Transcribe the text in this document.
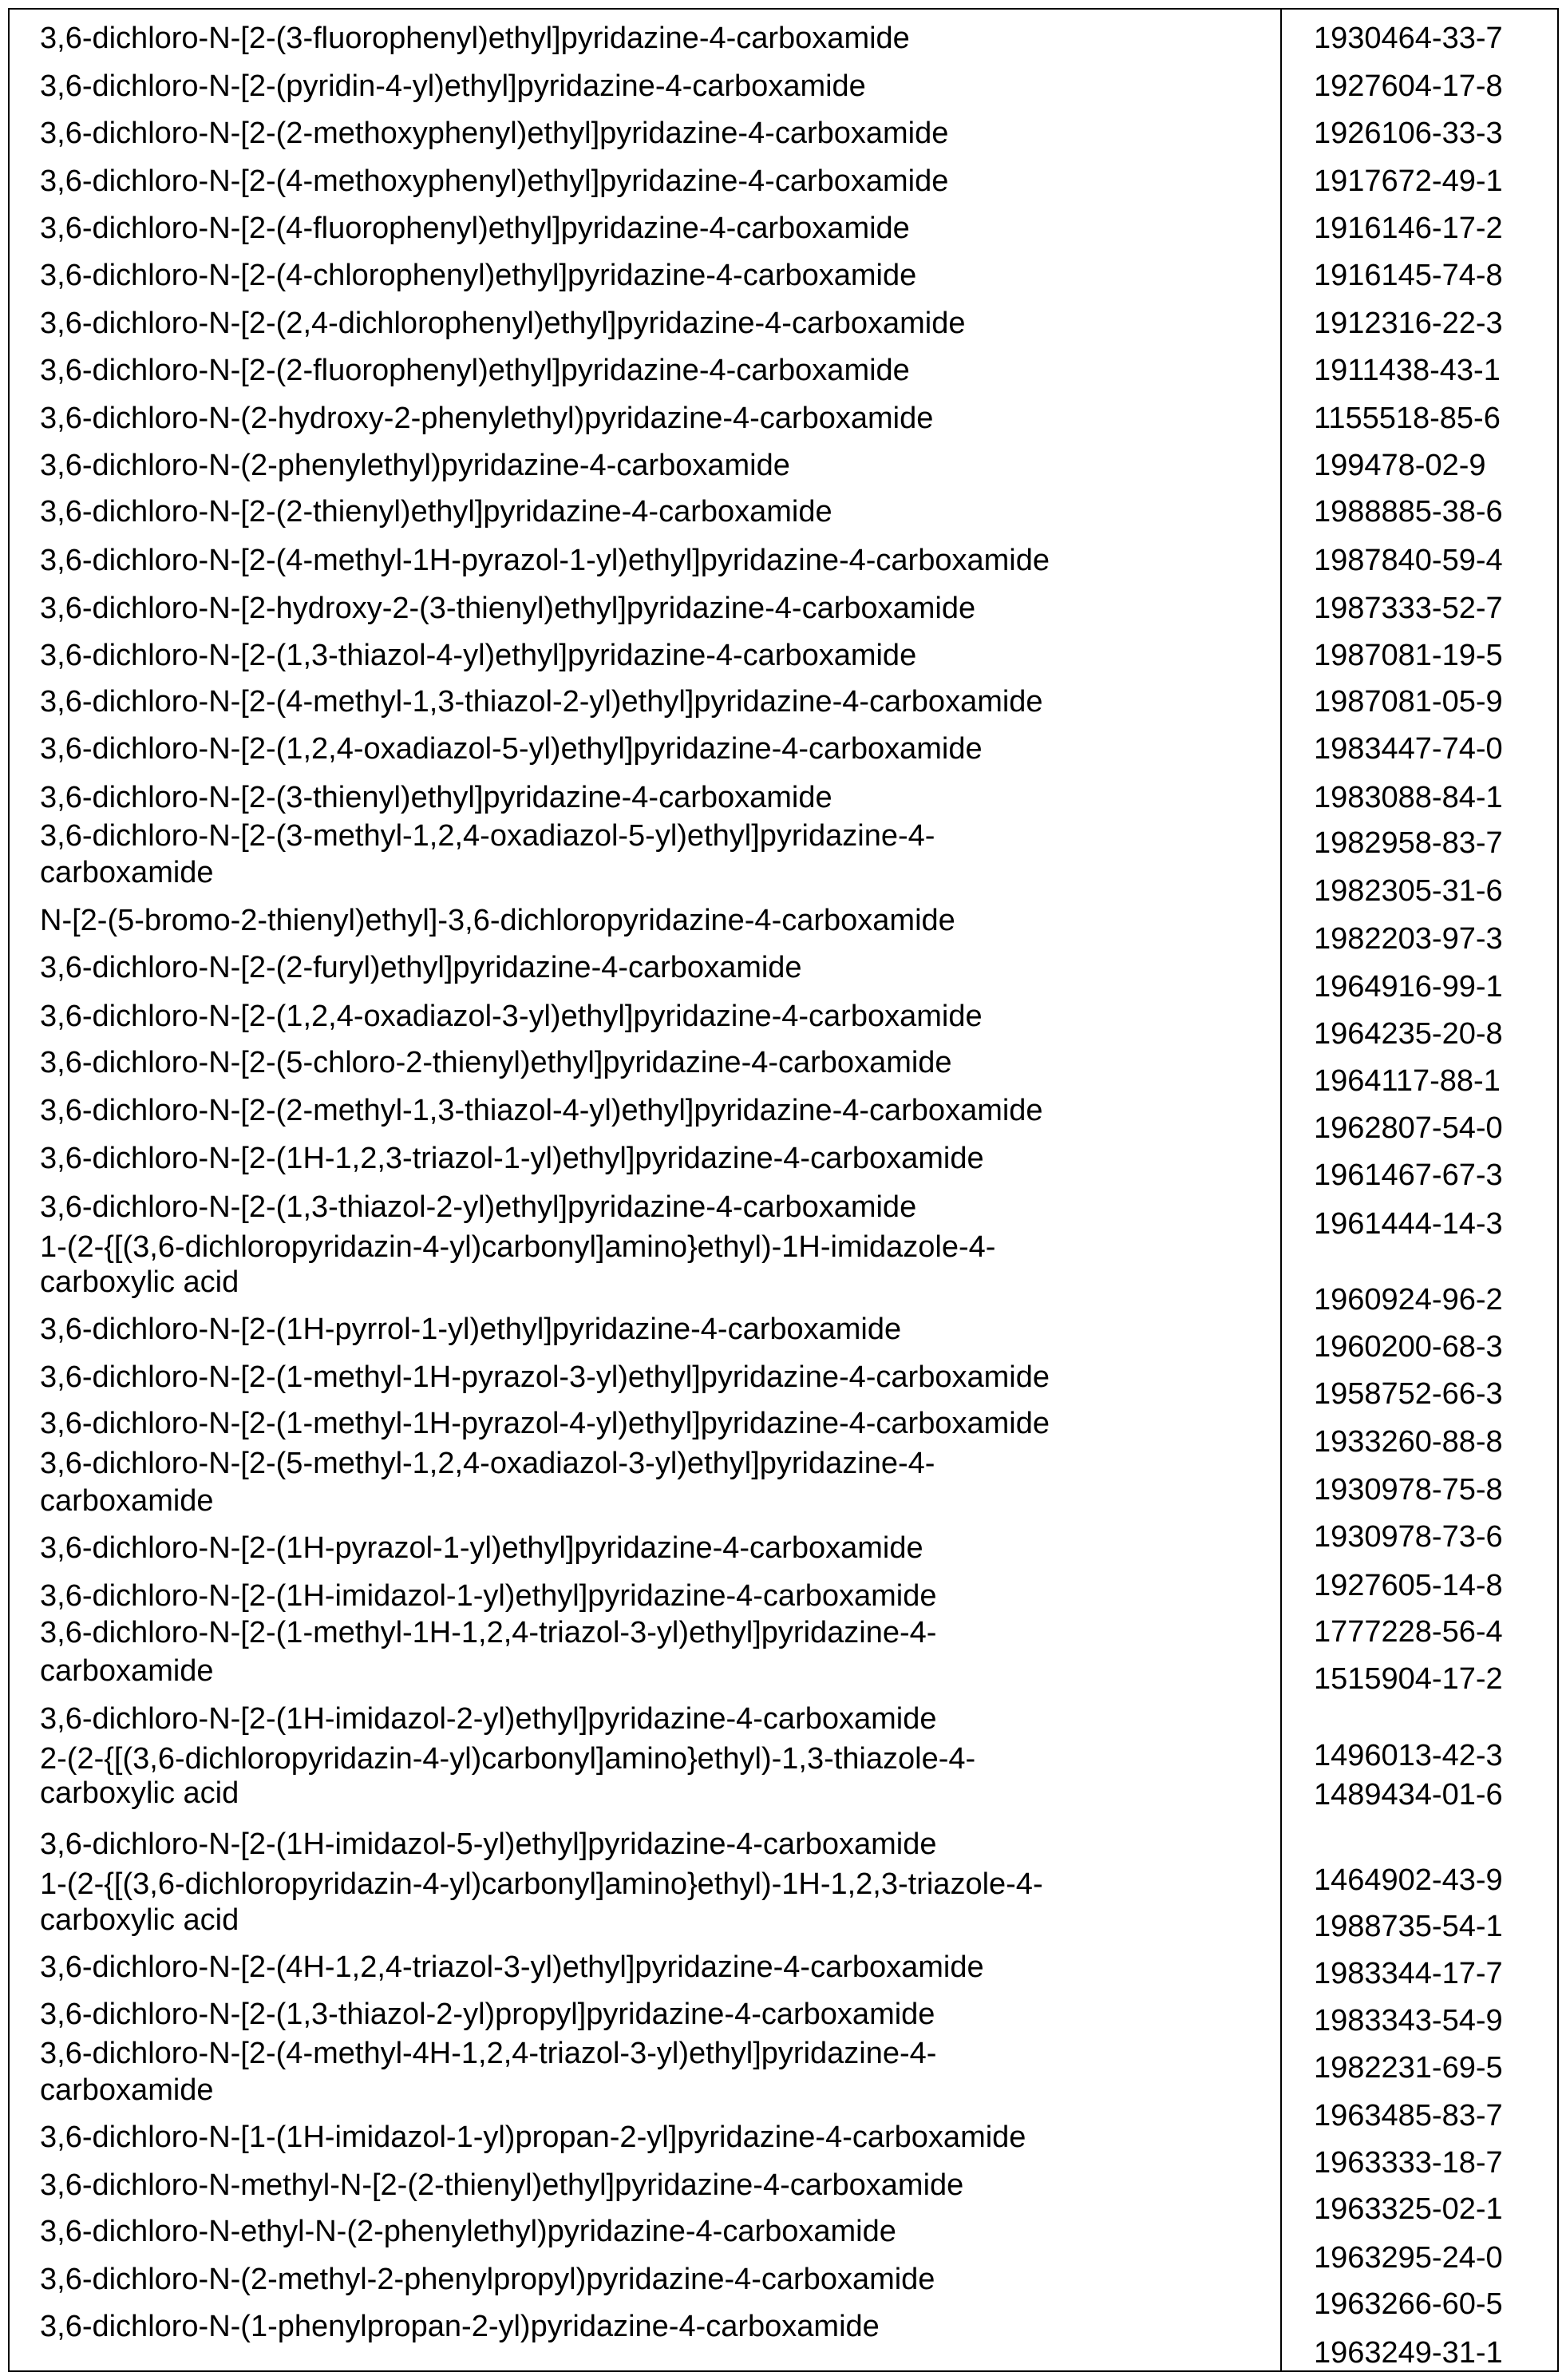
3,6-dichloro-N-[2-(3-fluorophenyl)ethyl]pyridazine-4-carboxamide
3,6-dichloro-N-[2-(pyridin-4-yl)ethyl]pyridazine-4-carboxamide
3,6-dichloro-N-[2-(2-methoxyphenyl)ethyl]pyridazine-4-carboxamide
3,6-dichloro-N-[2-(4-methoxyphenyl)ethyl]pyridazine-4-carboxamide
3,6-dichloro-N-[2-(4-fluorophenyl)ethyl]pyridazine-4-carboxamide
3,6-dichloro-N-[2-(4-chlorophenyl)ethyl]pyridazine-4-carboxamide
3,6-dichloro-N-[2-(2,4-dichlorophenyl)ethyl]pyridazine-4-carboxamide
3,6-dichloro-N-[2-(2-fluorophenyl)ethyl]pyridazine-4-carboxamide
3,6-dichloro-N-(2-hydroxy-2-phenylethyl)pyridazine-4-carboxamide
3,6-dichloro-N-(2-phenylethyl)pyridazine-4-carboxamide
3,6-dichloro-N-[2-(2-thienyl)ethyl]pyridazine-4-carboxamide
3,6-dichloro-N-[2-(4-methyl-1H-pyrazol-1-yl)ethyl]pyridazine-4-carboxamide
3,6-dichloro-N-[2-hydroxy-2-(3-thienyl)ethyl]pyridazine-4-carboxamide
3,6-dichloro-N-[2-(1,3-thiazol-4-yl)ethyl]pyridazine-4-carboxamide
3,6-dichloro-N-[2-(4-methyl-1,3-thiazol-2-yl)ethyl]pyridazine-4-carboxamide
3,6-dichloro-N-[2-(1,2,4-oxadiazol-5-yl)ethyl]pyridazine-4-carboxamide
3,6-dichloro-N-[2-(3-thienyl)ethyl]pyridazine-4-carboxamide
3,6-dichloro-N-[2-(3-methyl-1,2,4-oxadiazol-5-yl)ethyl]pyridazine-4-
carboxamide
N-[2-(5-bromo-2-thienyl)ethyl]-3,6-dichloropyridazine-4-carboxamide
3,6-dichloro-N-[2-(2-furyl)ethyl]pyridazine-4-carboxamide
3,6-dichloro-N-[2-(1,2,4-oxadiazol-3-yl)ethyl]pyridazine-4-carboxamide
3,6-dichloro-N-[2-(5-chloro-2-thienyl)ethyl]pyridazine-4-carboxamide
3,6-dichloro-N-[2-(2-methyl-1,3-thiazol-4-yl)ethyl]pyridazine-4-carboxamide
3,6-dichloro-N-[2-(1H-1,2,3-triazol-1-yl)ethyl]pyridazine-4-carboxamide
3,6-dichloro-N-[2-(1,3-thiazol-2-yl)ethyl]pyridazine-4-carboxamide
1-(2-{[(3,6-dichloropyridazin-4-yl)carbonyl]amino}ethyl)-1H-imidazole-4-
carboxylic acid
3,6-dichloro-N-[2-(1H-pyrrol-1-yl)ethyl]pyridazine-4-carboxamide
3,6-dichloro-N-[2-(1-methyl-1H-pyrazol-3-yl)ethyl]pyridazine-4-carboxamide
3,6-dichloro-N-[2-(1-methyl-1H-pyrazol-4-yl)ethyl]pyridazine-4-carboxamide
3,6-dichloro-N-[2-(5-methyl-1,2,4-oxadiazol-3-yl)ethyl]pyridazine-4-
carboxamide
3,6-dichloro-N-[2-(1H-pyrazol-1-yl)ethyl]pyridazine-4-carboxamide
3,6-dichloro-N-[2-(1H-imidazol-1-yl)ethyl]pyridazine-4-carboxamide
3,6-dichloro-N-[2-(1-methyl-1H-1,2,4-triazol-3-yl)ethyl]pyridazine-4-
carboxamide
3,6-dichloro-N-[2-(1H-imidazol-2-yl)ethyl]pyridazine-4-carboxamide
2-(2-{[(3,6-dichloropyridazin-4-yl)carbonyl]amino}ethyl)-1,3-thiazole-4-
carboxylic acid
3,6-dichloro-N-[2-(1H-imidazol-5-yl)ethyl]pyridazine-4-carboxamide
1-(2-{[(3,6-dichloropyridazin-4-yl)carbonyl]amino}ethyl)-1H-1,2,3-triazole-4-
carboxylic acid
3,6-dichloro-N-[2-(4H-1,2,4-triazol-3-yl)ethyl]pyridazine-4-carboxamide
3,6-dichloro-N-[2-(1,3-thiazol-2-yl)propyl]pyridazine-4-carboxamide
3,6-dichloro-N-[2-(4-methyl-4H-1,2,4-triazol-3-yl)ethyl]pyridazine-4-
carboxamide
3,6-dichloro-N-[1-(1H-imidazol-1-yl)propan-2-yl]pyridazine-4-carboxamide
3,6-dichloro-N-methyl-N-[2-(2-thienyl)ethyl]pyridazine-4-carboxamide
3,6-dichloro-N-ethyl-N-(2-phenylethyl)pyridazine-4-carboxamide
3,6-dichloro-N-(2-methyl-2-phenylpropyl)pyridazine-4-carboxamide
3,6-dichloro-N-(1-phenylpropan-2-yl)pyridazine-4-carboxamide
1930464-33-7
1927604-17-8
1926106-33-3
1917672-49-1
1916146-17-2
1916145-74-8
1912316-22-3
1911438-43-1
1155518-85-6
199478-02-9
1988885-38-6
1987840-59-4
1987333-52-7
1987081-19-5
1987081-05-9
1983447-74-0
1983088-84-1
1982958-83-7
1982305-31-6
1982203-97-3
1964916-99-1
1964235-20-8
1964117-88-1
1962807-54-0
1961467-67-3
1961444-14-3
1960924-96-2
1960200-68-3
1958752-66-3
1933260-88-8
1930978-75-8
1930978-73-6
1927605-14-8
1777228-56-4
1515904-17-2
1496013-42-3
1489434-01-6
1464902-43-9
1988735-54-1
1983344-17-7
1983343-54-9
1982231-69-5
1963485-83-7
1963333-18-7
1963325-02-1
1963295-24-0
1963266-60-5
1963249-31-1
